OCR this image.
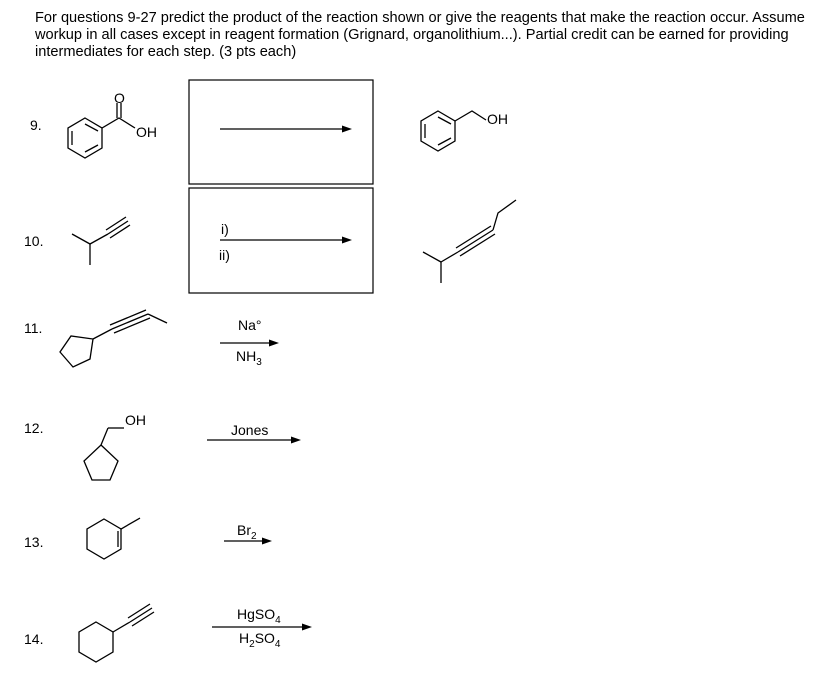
For questions 9-27 predict the product of the reaction shown or give the reagents that make the reaction occur. Assume workup in all cases except in reagent formation (Grignard, organolithium...). Partial credit can be earned for providing intermediates for each step. (3 pts each)

9.
10.
11.
12.
13.
14.
O
OH
OH
i)
ii)
OH
Na°
$NH_3$
Jones
$Br_2$
HgSO$_4$
$H_2SO_4$
